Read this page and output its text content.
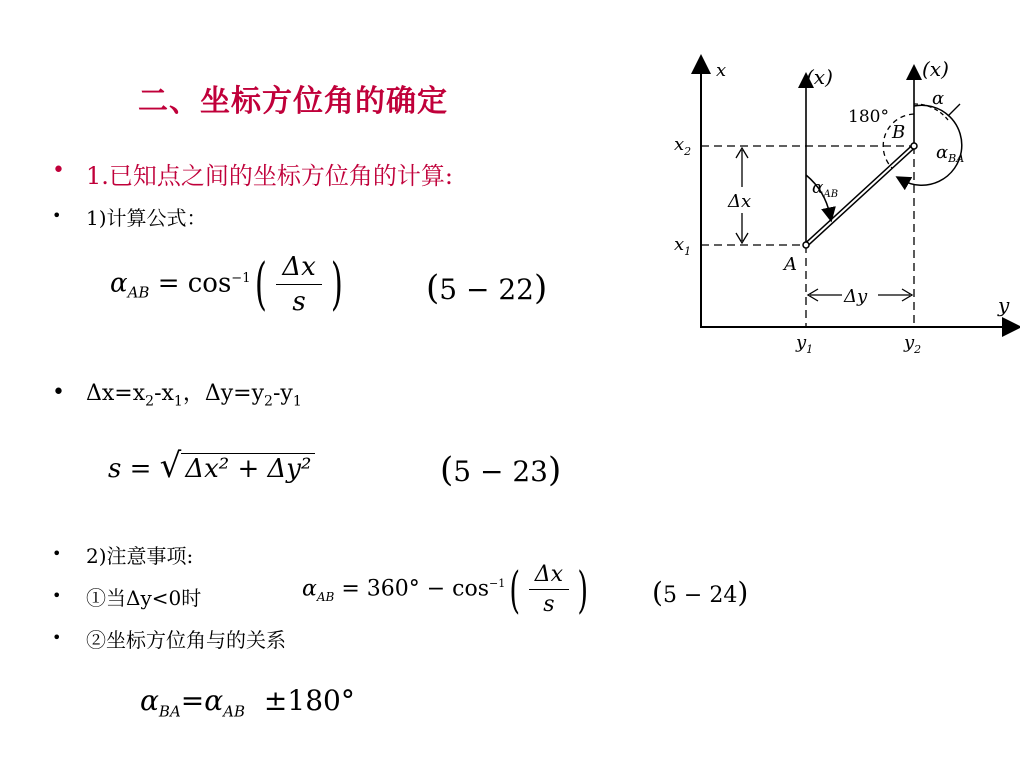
二、坐标方位角的确定
• 1.已知点之间的坐标方位角的计算:
•	1)计算公式：
$\alpha_{AB} = \cos^{-1}( \frac{\Delta x}{s}$ ) (5 − 22)
• $\Delta x=x_2-x_1$，$\Delta y=y_2-y_1$
s = √ Δx² + Δy²	(5 − 23)
•	2)注意事项:
•	①当Δy<0时	$\alpha_{AB} = 360^\circ - \cos^{-1}( \frac{\Delta x}{s}$ ) (5 − 24)
•	②坐标方位角与的关系
$\alpha_{BA}=\alpha_{AB} \pm 180^\circ$
x
y
(x)	(x)
A
B
Δx
Δy
$x_2$
$x_1$
$y_1$	$y_2$
$\alpha_{AB}$
180°
α
$\alpha_{BA}$
